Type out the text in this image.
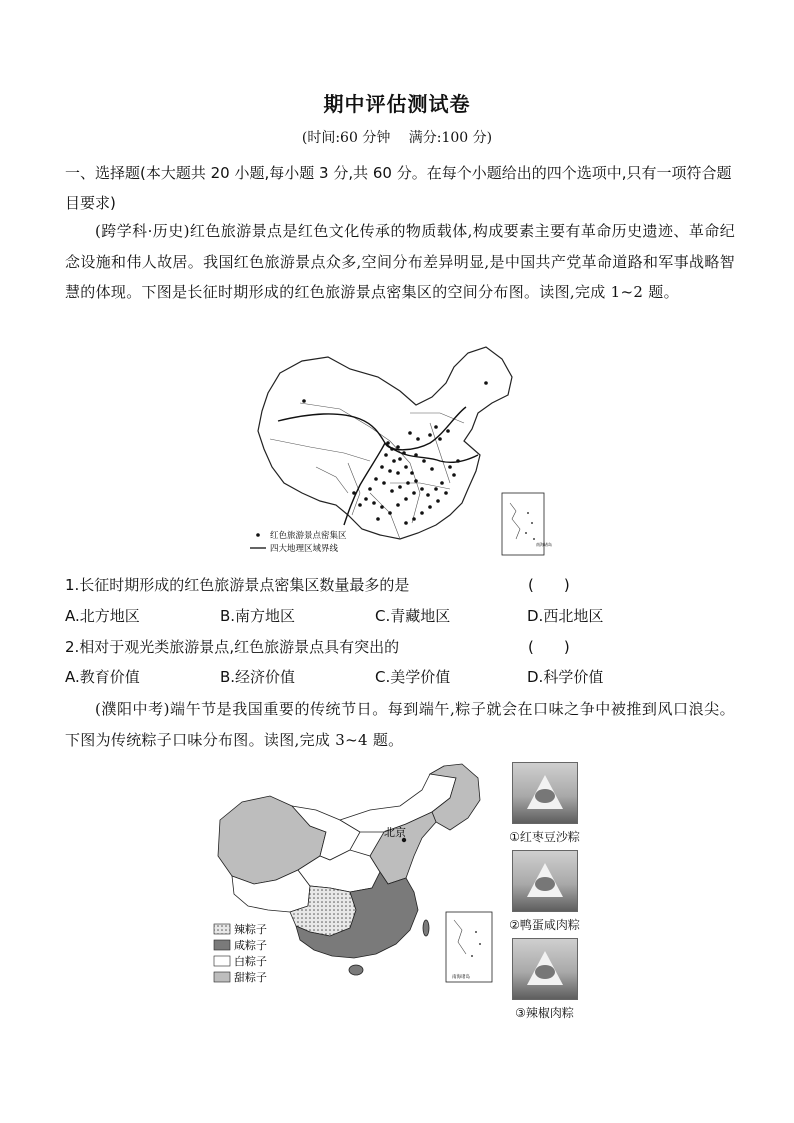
期中评估测试卷
(时间:60 分钟　 满分:100 分)
一、选择题(本大题共 20 小题,每小题 3 分,共 60 分。在每个小题给出的四个选项中,只有一项符合题目要求)
(跨学科·历史)红色旅游景点是红色文化传承的物质载体,构成要素主要有革命历史遗迹、革命纪念设施和伟人故居。我国红色旅游景点众多,空间分布差异明显,是中国共产党革命道路和军事战略智慧的体现。下图是长征时期形成的红色旅游景点密集区的空间分布图。读图,完成 1~2 题。
南海诸岛
红色旅游景点密集区
四大地理区域界线
1.长征时期形成的红色旅游景点密集区数量最多的是	(　　)
A.北方地区	B.南方地区	C.青藏地区	D.西北地区
2.相对于观光类旅游景点,红色旅游景点具有突出的	(　　)
A.教育价值	B.经济价值	C.美学价值	D.科学价值
(濮阳中考)端午节是我国重要的传统节日。每到端午,粽子就会在口味之争中被推到风口浪尖。下图为传统粽子口味分布图。读图,完成 3~4 题。
北京
南海诸岛
辣粽子
咸粽子
白粽子
甜粽子
①红枣豆沙粽
②鸭蛋咸肉粽
③辣椒肉粽
